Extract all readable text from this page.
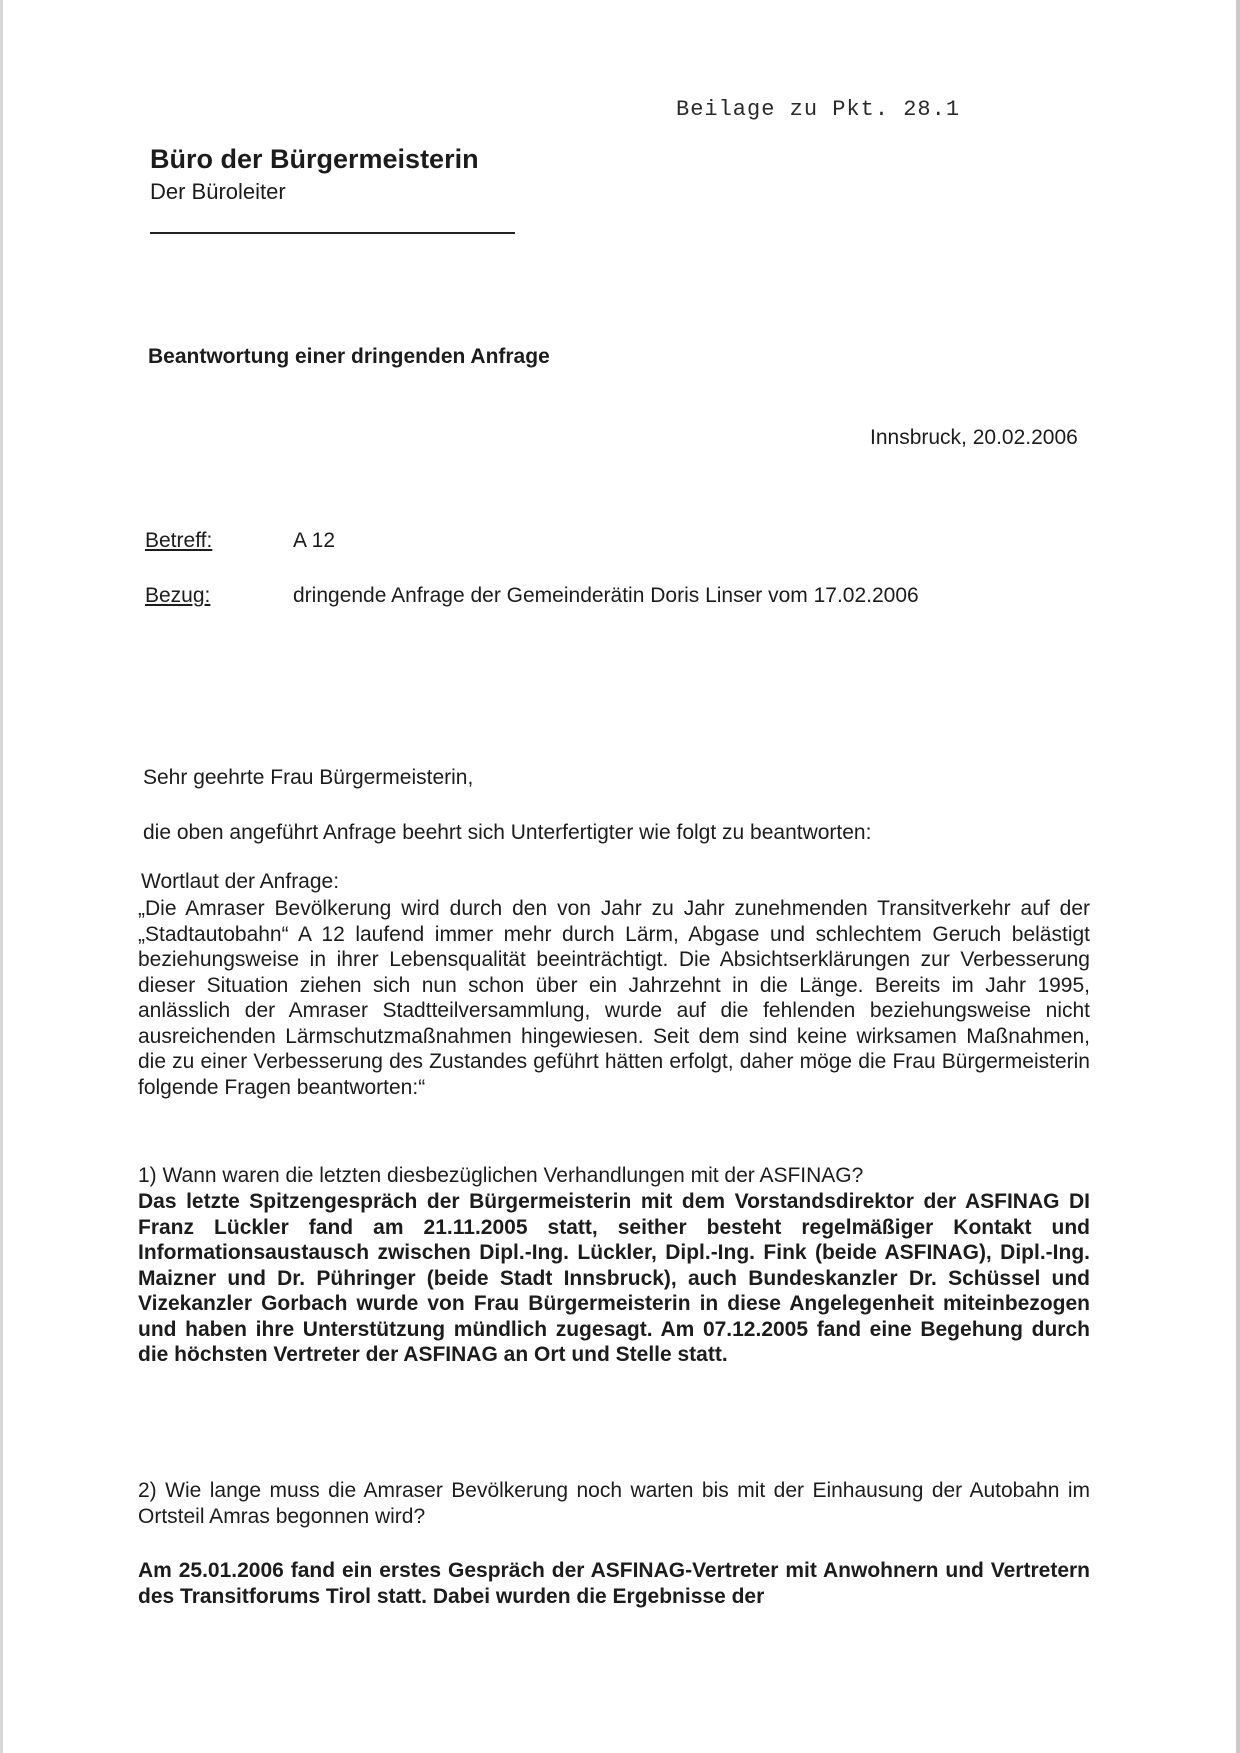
Beilage zu Pkt. 28.1
Büro der Bürgermeisterin
Der Büroleiter
Beantwortung einer dringenden Anfrage
Innsbruck, 20.02.2006
Betreff:	A 12
Bezug:	dringende Anfrage der Gemeinderätin Doris Linser vom 17.02.2006
Sehr geehrte Frau Bürgermeisterin,
die oben angeführt Anfrage beehrt sich Unterfertigter wie folgt zu beantworten:
Wortlaut der Anfrage:
„Die Amraser Bevölkerung wird durch den von Jahr zu Jahr zunehmenden Transitverkehr auf der „Stadtautobahn“ A 12 laufend immer mehr durch Lärm, Abgase und schlechtem Geruch belästigt beziehungsweise in ihrer Lebensqualität beeinträchtigt. Die Absichtserklärungen zur Verbesserung dieser Situation ziehen sich nun schon über ein Jahrzehnt in die Länge. Bereits im Jahr 1995, anlässlich der Amraser Stadtteilversammlung, wurde auf die fehlenden beziehungsweise nicht ausreichenden Lärmschutzmaßnahmen hingewiesen. Seit dem sind keine wirksamen Maßnahmen, die zu einer Verbesserung des Zustandes geführt hätten erfolgt, daher möge die Frau Bürgermeisterin folgende Fragen beantworten:“
1) Wann waren die letzten diesbezüglichen Verhandlungen mit der ASFINAG?
Das letzte Spitzengespräch der Bürgermeisterin mit dem Vorstandsdirektor der ASFINAG DI Franz Lückler fand am 21.11.2005 statt, seither besteht regelmäßiger Kontakt und Informationsaustausch zwischen Dipl.-Ing. Lückler, Dipl.-Ing. Fink (beide ASFINAG), Dipl.-Ing. Maizner und Dr. Pühringer (beide Stadt Innsbruck), auch Bundeskanzler Dr. Schüssel und Vizekanzler Gorbach wurde von Frau Bürgermeisterin in diese Angelegenheit miteinbezogen und haben ihre Unterstützung mündlich zugesagt. Am 07.12.2005 fand eine Begehung durch die höchsten Vertreter der ASFINAG an Ort und Stelle statt.
2) Wie lange muss die Amraser Bevölkerung noch warten bis mit der Einhausung der Autobahn im Ortsteil Amras begonnen wird?
Am 25.01.2006 fand ein erstes Gespräch der ASFINAG-Vertreter mit Anwohnern und Vertretern des Transitforums Tirol statt. Dabei wurden die Ergebnisse der
